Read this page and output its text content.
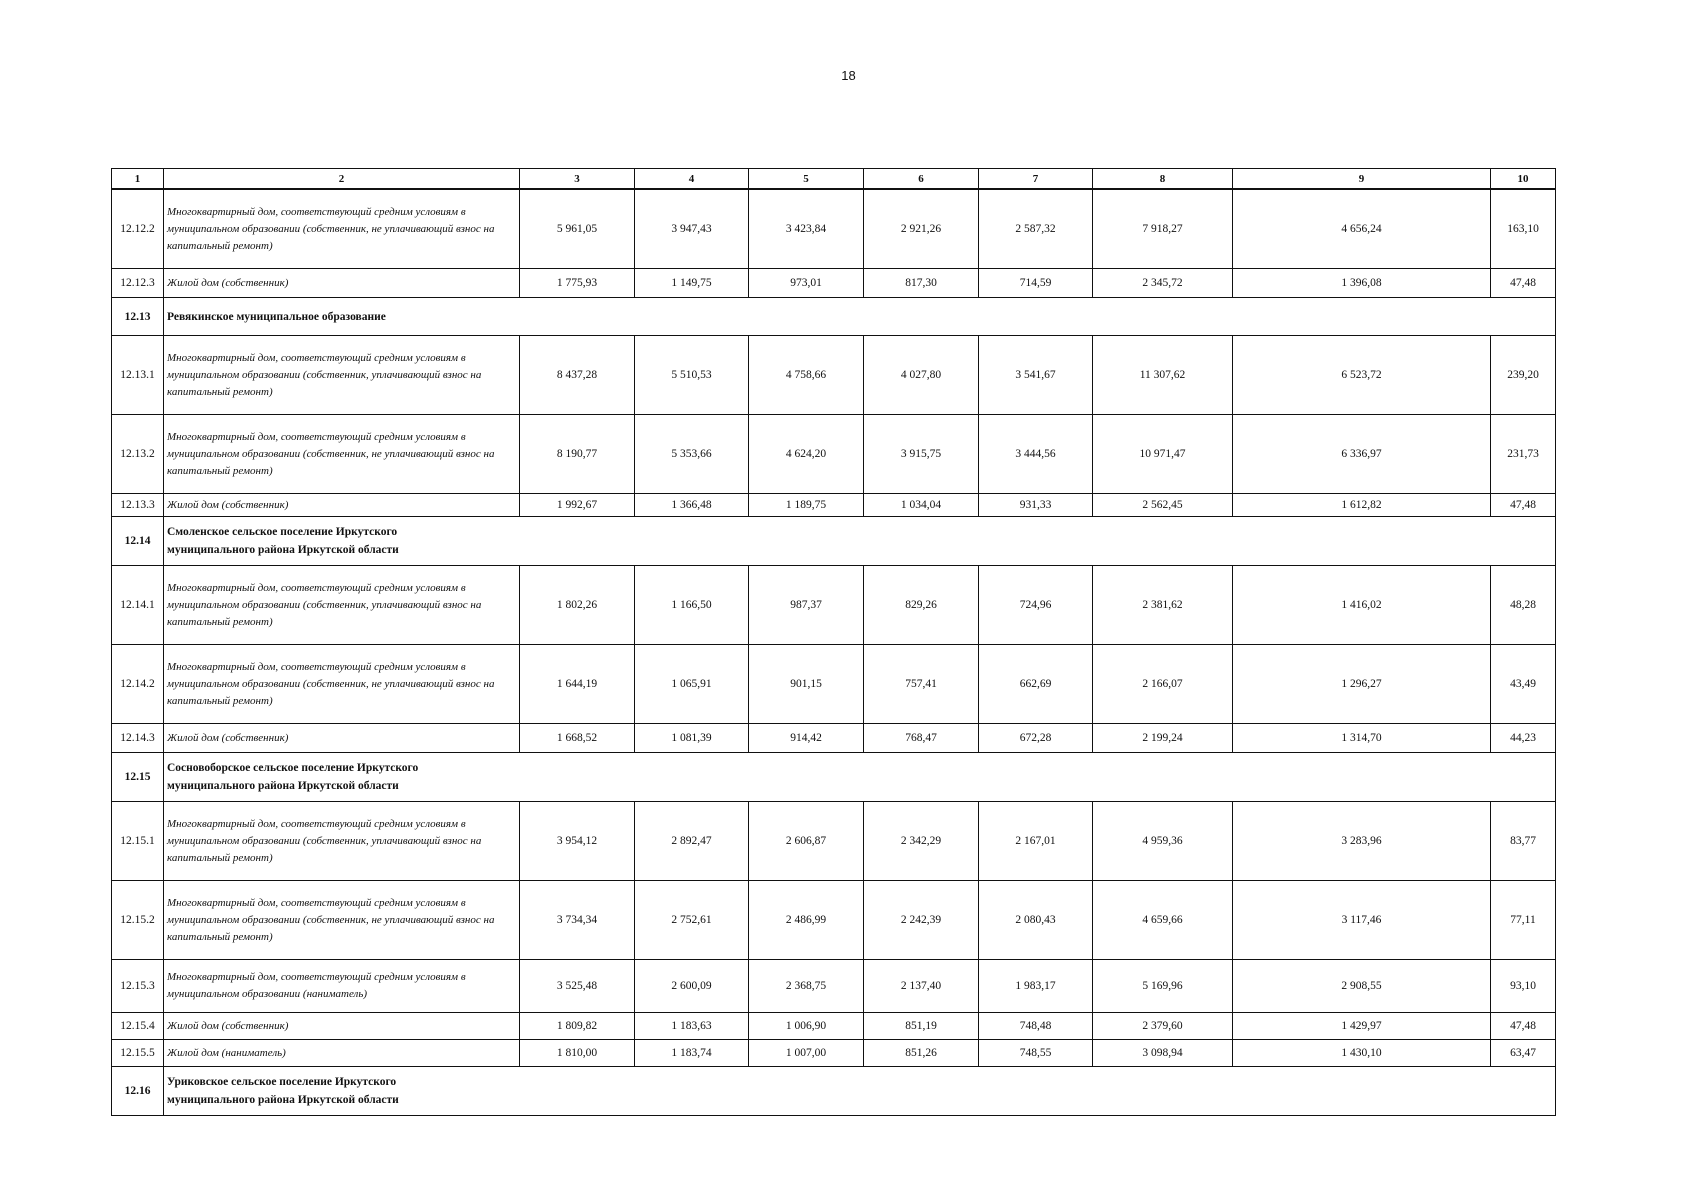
18
1	2	3	4	5	6	7	8	9	10
12.12.2	Многоквартирный дом, соответствующий средним условиям в муниципальном образовании (собственник, не уплачивающий взнос на капитальный ремонт)	5 961,05	3 947,43	3 423,84	2 921,26	2 587,32	7 918,27	4 656,24	163,10
12.12.3	Жилой дом (собственник)	1 775,93	1 149,75	973,01	817,30	714,59	2 345,72	1 396,08	47,48
12.13	Ревякинское муниципальное образование								
12.13.1	Многоквартирный дом, соответствующий средним условиям в муниципальном образовании (собственник, уплачивающий взнос на капитальный ремонт)	8 437,28	5 510,53	4 758,66	4 027,80	3 541,67	11 307,62	6 523,72	239,20
12.13.2	Многоквартирный дом, соответствующий средним условиям в муниципальном образовании (собственник, не уплачивающий взнос на капитальный ремонт)	8 190,77	5 353,66	4 624,20	3 915,75	3 444,56	10 971,47	6 336,97	231,73
12.13.3	Жилой дом (собственник)	1 992,67	1 366,48	1 189,75	1 034,04	931,33	2 562,45	1 612,82	47,48
12.14	Смоленское сельское поселение Иркутского муниципального района Иркутской области								

12.14.1	Многоквартирный дом, соответствующий средним условиям в муниципальном образовании (собственник, уплачивающий взнос на капитальный ремонт)	1 802,26	1 166,50	987,37	829,26	724,96	2 381,62	1 416,02	48,28
12.14.2	Многоквартирный дом, соответствующий средним условиям в муниципальном образовании (собственник, не уплачивающий взнос на капитальный ремонт)	1 644,19	1 065,91	901,15	757,41	662,69	2 166,07	1 296,27	43,49
12.14.3	Жилой дом (собственник)	1 668,52	1 081,39	914,42	768,47	672,28	2 199,24	1 314,70	44,23
12.15	Сосновоборское сельское поселение Иркутского муниципального района Иркутской области								

12.15.1	Многоквартирный дом, соответствующий средним условиям в муниципальном образовании (собственник, уплачивающий взнос на капитальный ремонт)	3 954,12	2 892,47	2 606,87	2 342,29	2 167,01	4 959,36	3 283,96	83,77
12.15.2	Многоквартирный дом, соответствующий средним условиям в муниципальном образовании (собственник, не уплачивающий взнос на капитальный ремонт)	3 734,34	2 752,61	2 486,99	2 242,39	2 080,43	4 659,66	3 117,46	77,11
12.15.3	Многоквартирный дом, соответствующий средним условиям в муниципальном образовании (наниматель)	3 525,48	2 600,09	2 368,75	2 137,40	1 983,17	5 169,96	2 908,55	93,10
12.15.4	Жилой дом (собственник)	1 809,82	1 183,63	1 006,90	851,19	748,48	2 379,60	1 429,97	47,48
12.15.5	Жилой дом (наниматель)	1 810,00	1 183,74	1 007,00	851,26	748,55	3 098,94	1 430,10	63,47
12.16	Уриковское сельское поселение Иркутского муниципального района Иркутской области								
